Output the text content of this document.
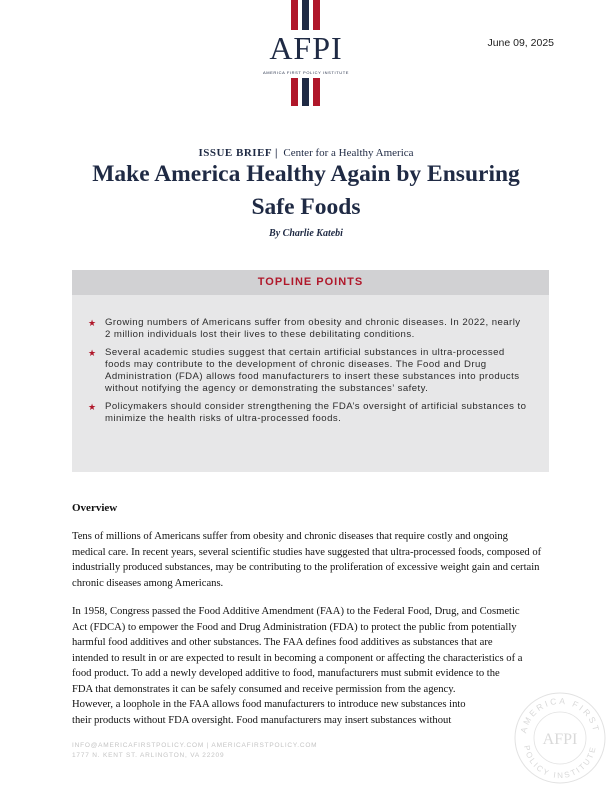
AFPI
AMERICA FIRST POLICY INSTITUTE
June 09, 2025
ISSUE BRIEF | Center for a Healthy America
Make America Healthy Again by Ensuring
Safe Foods
By Charlie Katebi
TOPLINE POINTS
★ Growing numbers of Americans suffer from obesity and chronic diseases. In 2022, nearly 2 million individuals lost their lives to these debilitating conditions.
★ Several academic studies suggest that certain artificial substances in ultra-processed foods may contribute to the development of chronic diseases. The Food and Drug Administration (FDA) allows food manufacturers to insert these substances into products without notifying the agency or demonstrating the substances’ safety.
★ Policymakers should consider strengthening the FDA’s oversight of artificial substances to minimize the health risks of ultra-processed foods.
Overview
Tens of millions of Americans suffer from obesity and chronic diseases that require costly and ongoing medical care. In recent years, several scientific studies have suggested that ultra-processed foods, composed of industrially produced substances, may be contributing to the proliferation of excessive weight gain and certain chronic diseases among Americans.
In 1958, Congress passed the Food Additive Amendment (FAA) to the Federal Food, Drug, and Cosmetic
Act (FDCA) to empower the Food and Drug Administration (FDA) to protect the public from potentially
harmful food additives and other substances. The FAA defines food additives as substances that are
intended to result in or are expected to result in becoming a component or affecting the characteristics of a
food product. To add a newly developed additive to food, manufacturers must submit evidence to the
FDA that demonstrates it can be safely consumed and receive permission from the agency.
However, a loophole in the FAA allows food manufacturers to introduce new substances into
their products without FDA oversight. Food manufacturers may insert substances without
INFO@AMERICAFIRSTPOLICY.COM | AMERICAFIRSTPOLICY.COM
1777 N. KENT ST. ARLINGTON, VA 22209
AMERICA FIRST
AFPI
POLICY INSTITUTE
